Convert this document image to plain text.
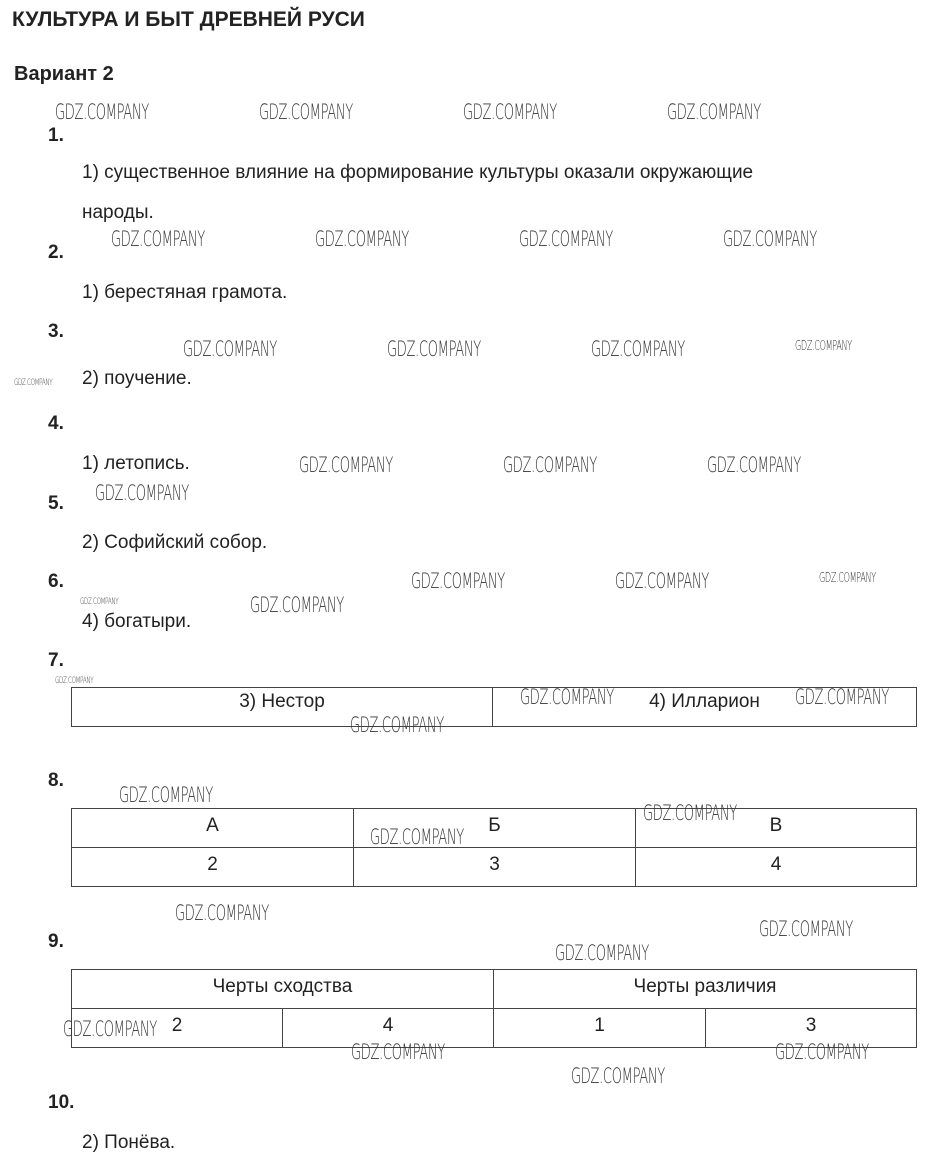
КУЛЬТУРА И БЫТ ДРЕВНЕЙ РУСИ
Вариант 2
1.
1) существенное влияние на формирование культуры оказали окружающие
народы.
2.
1) берестяная грамота.
3.
2) поучение.
4.
1) летопись.
5.
2) Софийский собор.
6.
4) богатыри.
7.
3) Нестор	4) Илларион
8.
А	Б	В
2	3	4
9.
Черты сходства		Черты различия	
2	4	1	3
10.
2) Понёва.
GDZ.COMPANY	GDZ.COMPANY	GDZ.COMPANY	GDZ.COMPANY
GDZ.COMPANY	GDZ.COMPANY	GDZ.COMPANY	GDZ.COMPANY
GDZ.COMPANY	GDZ.COMPANY	GDZ.COMPANY	GDZ.COMPANY
GDZ.COMPANY
GDZ.COMPANY	GDZ.COMPANY	GDZ.COMPANY
GDZ.COMPANY
GDZ.COMPANY	GDZ.COMPANY	GDZ.COMPANY
GDZ.COMPANY	GDZ.COMPANY
GDZ.COMPANY
GDZ.COMPANY	GDZ.COMPANY
GDZ.COMPANY
GDZ.COMPANY
GDZ.COMPANY
GDZ.COMPANY
GDZ.COMPANY
GDZ.COMPANY
GDZ.COMPANY
GDZ.COMPANY
GDZ.COMPANY	GDZ.COMPANY
GDZ.COMPANY
